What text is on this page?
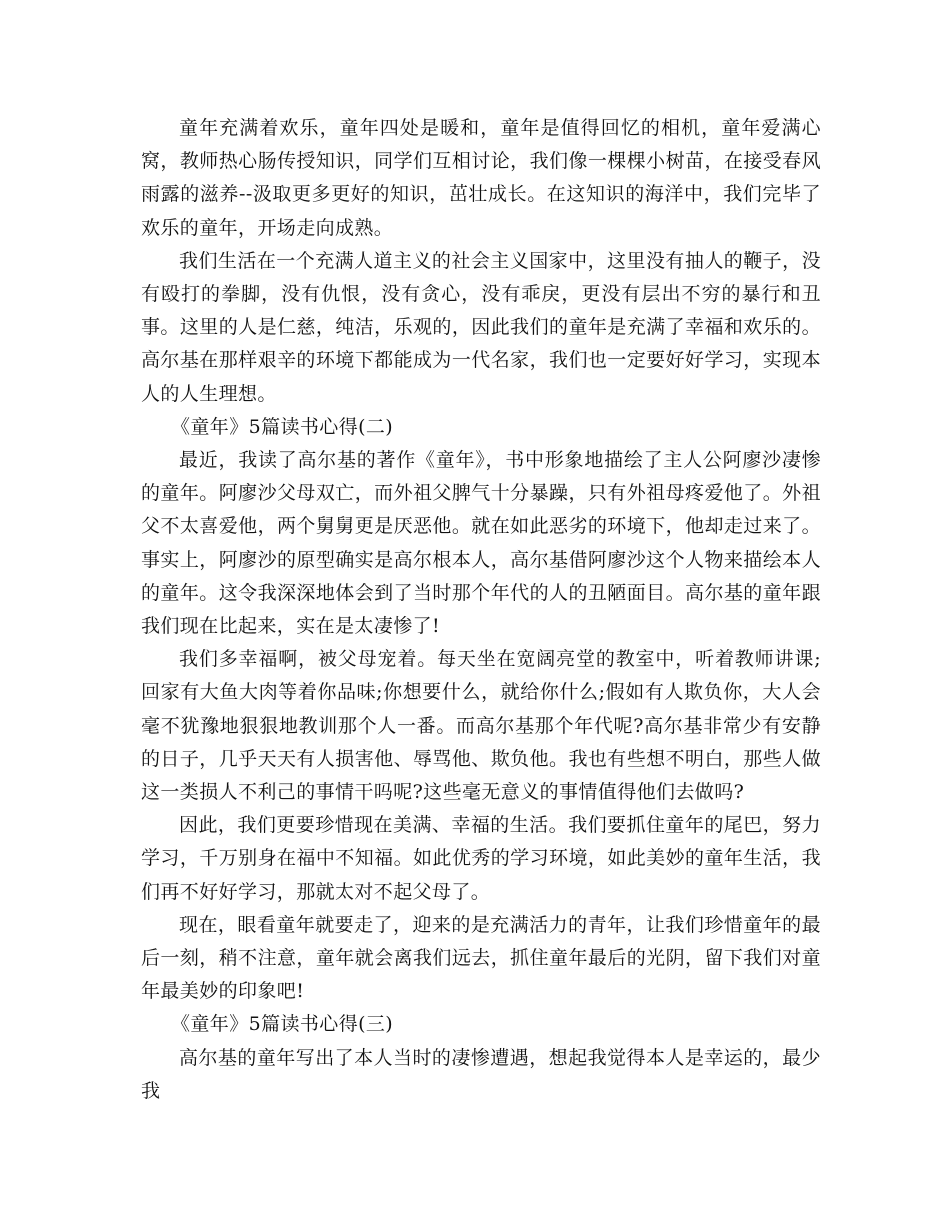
童年充满着欢乐，童年四处是暖和，童年是值得回忆的相机，童年爱满心窝，教师热心肠传授知识，同学们互相讨论，我们像一棵棵小树苗，在接受春风雨露的滋养--汲取更多更好的知识，茁壮成长。在这知识的海洋中，我们完毕了欢乐的童年，开场走向成熟。

我们生活在一个充满人道主义的社会主义国家中，这里没有抽人的鞭子，没有殴打的拳脚，没有仇恨，没有贪心，没有乖戾，更没有层出不穷的暴行和丑事。这里的人是仁慈，纯洁，乐观的，因此我们的童年是充满了幸福和欢乐的。高尔基在那样艰辛的环境下都能成为一代名家，我们也一定要好好学习，实现本人的人生理想。

《童年》5篇读书心得(二)

最近，我读了高尔基的著作《童年》，书中形象地描绘了主人公阿廖沙凄惨的童年。阿廖沙父母双亡，而外祖父脾气十分暴躁，只有外祖母疼爱他了。外祖父不太喜爱他，两个舅舅更是厌恶他。就在如此恶劣的环境下，他却走过来了。事实上，阿廖沙的原型确实是高尔根本人，高尔基借阿廖沙这个人物来描绘本人的童年。这令我深深地体会到了当时那个年代的人的丑陋面目。高尔基的童年跟我们现在比起来，实在是太凄惨了!

我们多幸福啊，被父母宠着。每天坐在宽阔亮堂的教室中，听着教师讲课;回家有大鱼大肉等着你品味;你想要什么，就给你什么;假如有人欺负你，大人会毫不犹豫地狠狠地教训那个人一番。而高尔基那个年代呢?高尔基非常少有安静的日子，几乎天天有人损害他、辱骂他、欺负他。我也有些想不明白，那些人做这一类损人不利己的事情干吗呢?这些毫无意义的事情值得他们去做吗?

因此，我们更要珍惜现在美满、幸福的生活。我们要抓住童年的尾巴，努力学习，千万别身在福中不知福。如此优秀的学习环境，如此美妙的童年生活，我们再不好好学习，那就太对不起父母了。

现在，眼看童年就要走了，迎来的是充满活力的青年，让我们珍惜童年的最后一刻，稍不注意，童年就会离我们远去，抓住童年最后的光阴，留下我们对童年最美妙的印象吧!

《童年》5篇读书心得(三)

高尔基的童年写出了本人当时的凄惨遭遇，想起我觉得本人是幸运的，最少我
